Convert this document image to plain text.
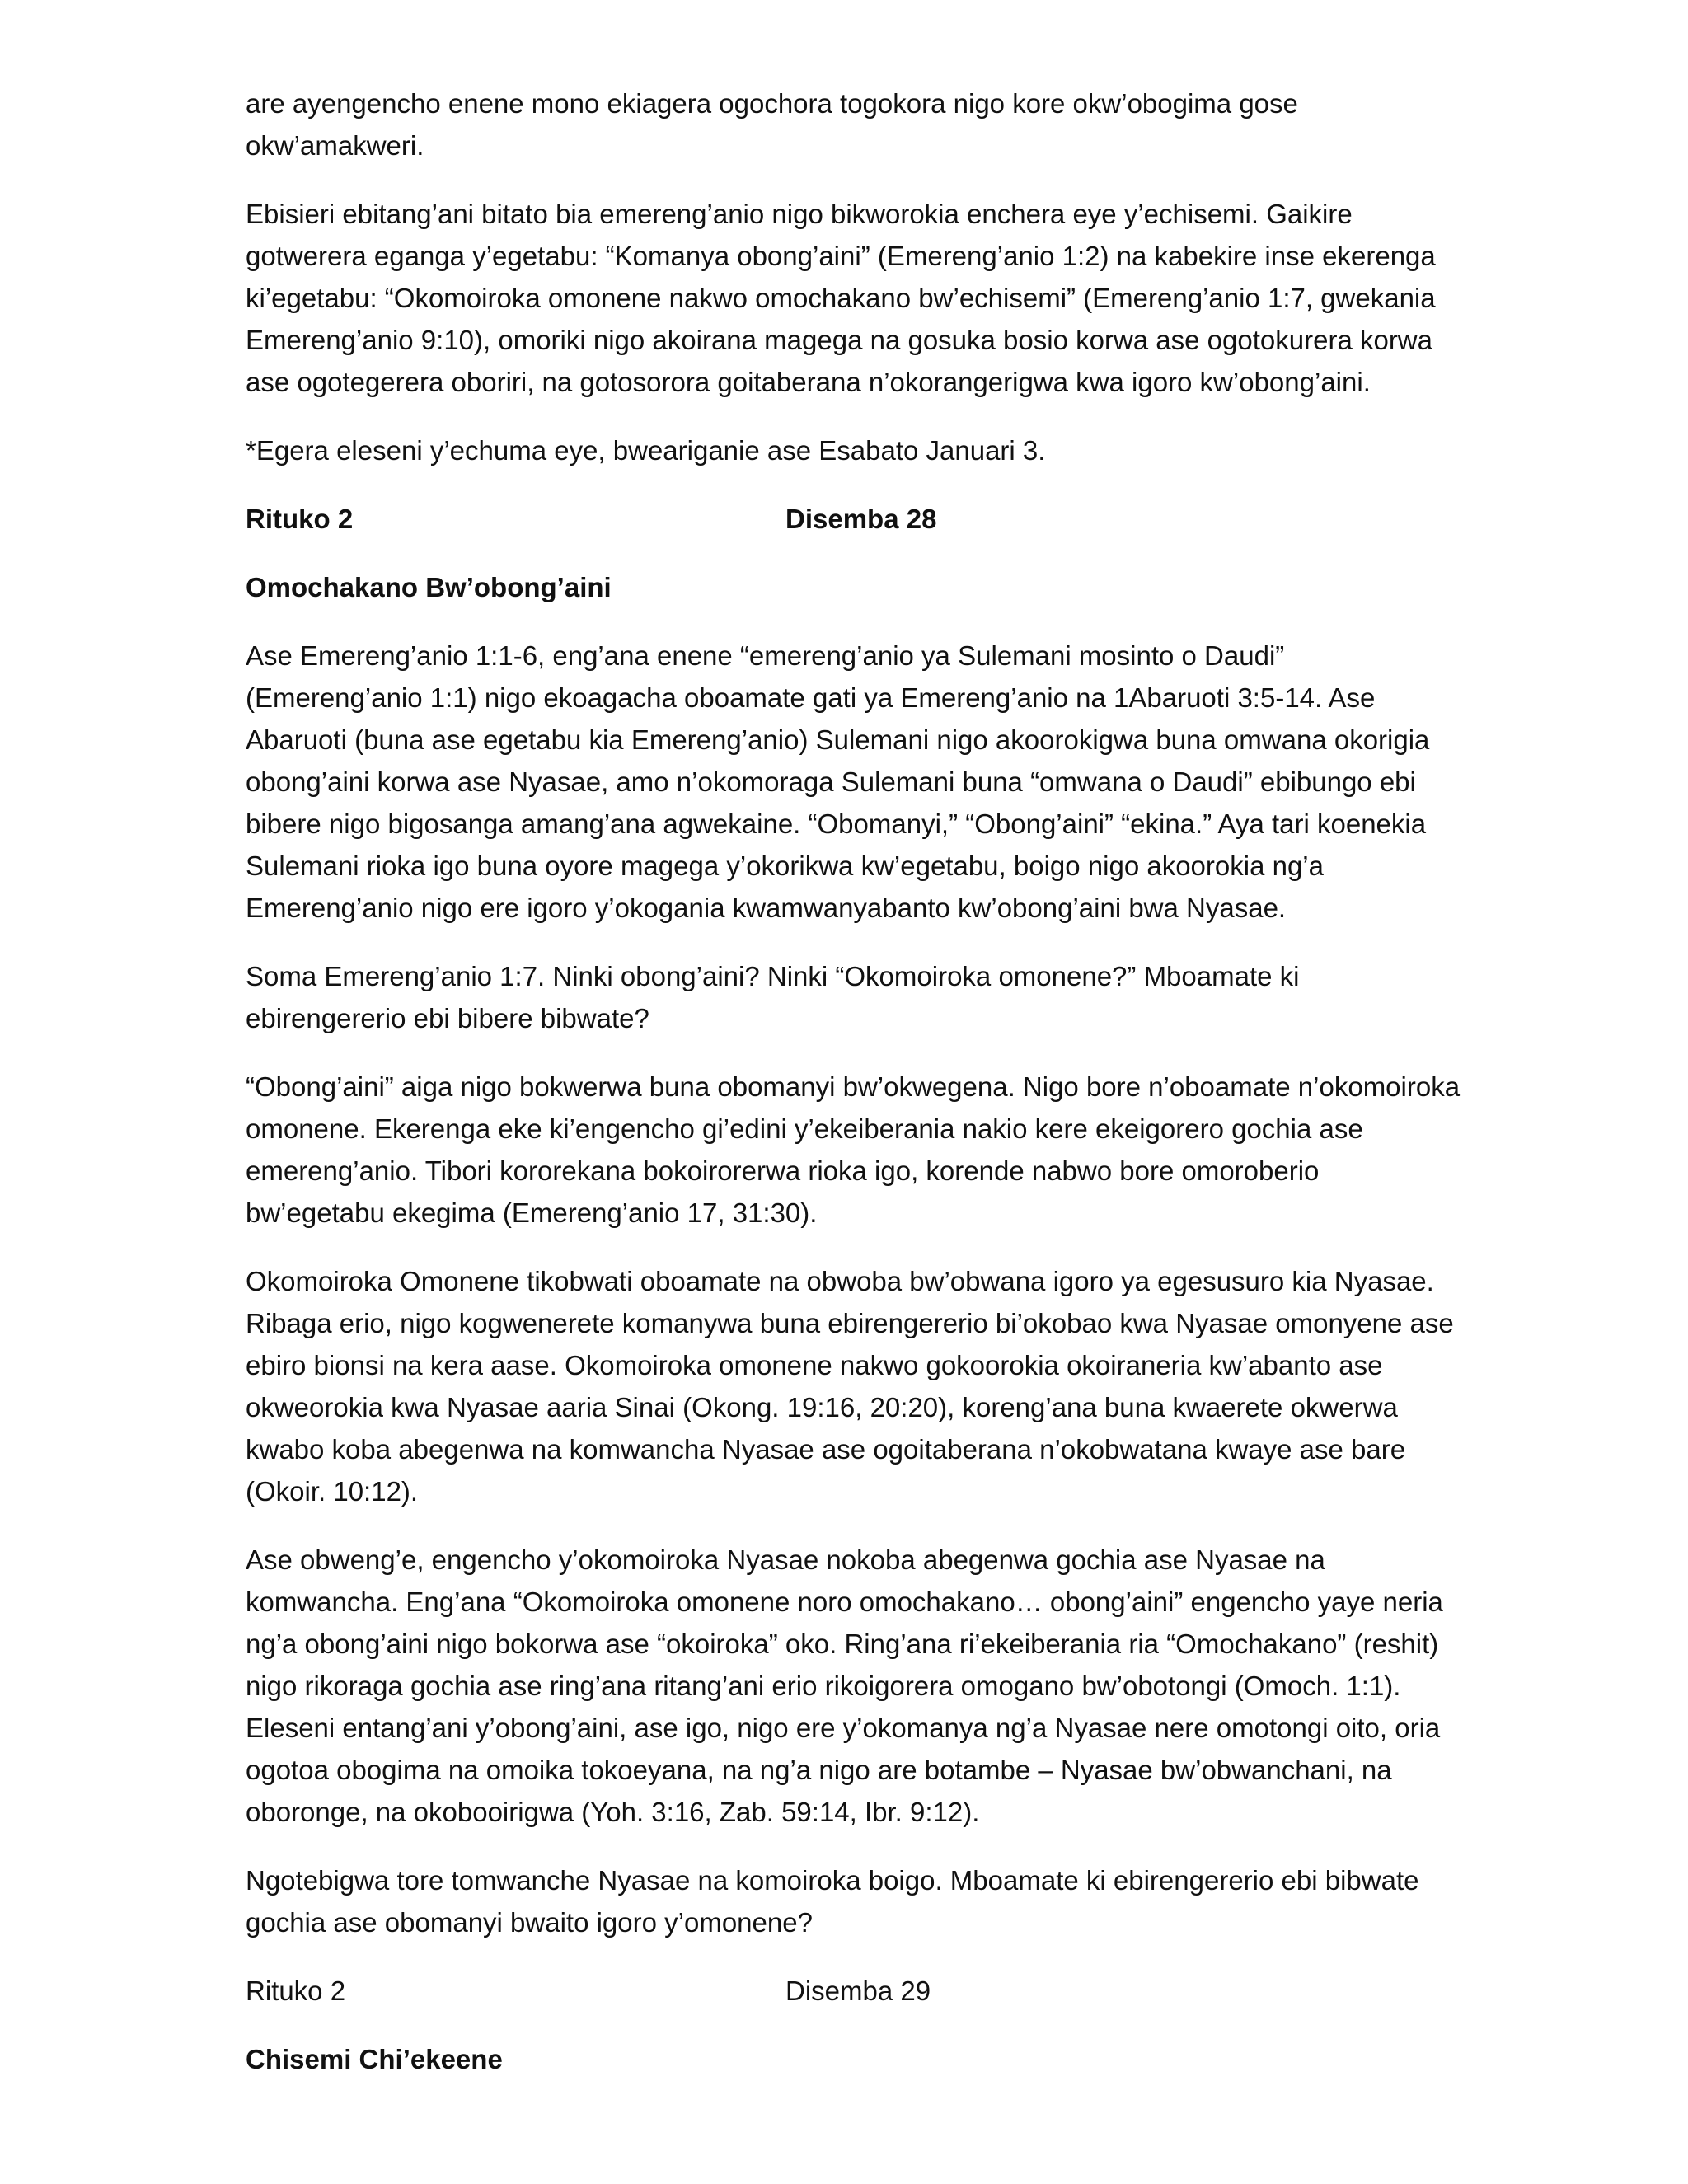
are ayengencho enene mono ekiagera ogochora togokora nigo kore okw’obogima gose okw’amakweri.

Ebisieri ebitang’ani bitato bia emereng’anio nigo bikworokia enchera eye y’echisemi. Gaikire gotwerera eganga y’egetabu: “Komanya obong’aini” (Emereng’anio 1:2) na kabekire inse ekerenga ki’egetabu: “Okomoiroka omonene nakwo omochakano bw’echisemi” (Emereng’anio 1:7, gwekania Emereng’anio 9:10), omoriki nigo akoirana magega na gosuka bosio korwa ase ogotokurera korwa ase ogotegerera oboriri, na gotosorora goitaberana n’okorangerigwa kwa igoro kw’obong’aini.

*Egera eleseni y’echuma eye, bweariganie ase Esabato Januari 3.

Rituko 2	Disemba 28

Omochakano Bw’obong’aini

Ase Emereng’anio 1:1-6, eng’ana enene “emereng’anio ya Sulemani mosinto o Daudi” (Emereng’anio 1:1) nigo ekoagacha oboamate gati ya Emereng’anio na 1Abaruoti 3:5-14. Ase Abaruoti (buna ase egetabu kia Emereng’anio) Sulemani nigo akoorokigwa buna omwana okorigia obong’aini korwa ase Nyasae, amo n’okomoraga Sulemani buna “omwana o Daudi” ebibungo ebi bibere nigo bigosanga amang’ana agwekaine. “Obomanyi,” “Obong’aini” “ekina.” Aya tari koenekia Sulemani rioka igo buna oyore magega y’okorikwa kw’egetabu, boigo nigo akoorokia ng’a Emereng’anio nigo ere igoro y’okogania kwamwanyabanto kw’obong’aini bwa Nyasae.

Soma Emereng’anio 1:7. Ninki obong’aini? Ninki “Okomoiroka omonene?” Mboamate ki ebirengererio ebi bibere bibwate?

“Obong’aini” aiga nigo bokwerwa buna obomanyi bw’okwegena. Nigo bore n’oboamate n’okomoiroka omonene. Ekerenga eke ki’engencho gi’edini y’ekeiberania nakio kere ekeigorero gochia ase emereng’anio. Tibori kororekana bokoirorerwa rioka igo, korende nabwo bore omoroberio bw’egetabu ekegima (Emereng’anio 17, 31:30).

Okomoiroka Omonene tikobwati oboamate na obwoba bw’obwana igoro ya egesusuro kia Nyasae. Ribaga erio, nigo kogwenerete komanywa buna ebirengererio bi’okobao kwa Nyasae omonyene ase ebiro bionsi na kera aase. Okomoiroka omonene nakwo gokoorokia okoiraneria kw’abanto ase okweorokia kwa Nyasae aaria Sinai (Okong. 19:16, 20:20), koreng’ana buna kwaerete okwerwa kwabo koba abegenwa na komwancha Nyasae ase ogoitaberana n’okobwatana kwaye ase bare (Okoir. 10:12).

Ase obweng’e, engencho y’okomoiroka Nyasae nokoba abegenwa gochia ase Nyasae na komwancha. Eng’ana “Okomoiroka omonene noro omochakano… obong’aini” engencho yaye neria ng’a obong’aini nigo bokorwa ase “okoiroka” oko. Ring’ana ri’ekeiberania ria “Omochakano” (reshit) nigo rikoraga gochia ase ring’ana ritang’ani erio rikoigorera omogano bw’obotongi (Omoch. 1:1). Eleseni entang’ani y’obong’aini, ase igo, nigo ere y’okomanya ng’a Nyasae nere omotongi oito, oria ogotoa obogima na omoika tokoeyana, na ng’a nigo are botambe – Nyasae bw’obwanchani, na oboronge, na okobooirigwa (Yoh. 3:16, Zab. 59:14, Ibr. 9:12).

Ngotebigwa tore tomwanche Nyasae na komoiroka boigo. Mboamate ki ebirengererio ebi bibwate gochia ase obomanyi bwaito igoro y’omonene?

Rituko 2	Disemba 29

Chisemi Chi’ekeene
